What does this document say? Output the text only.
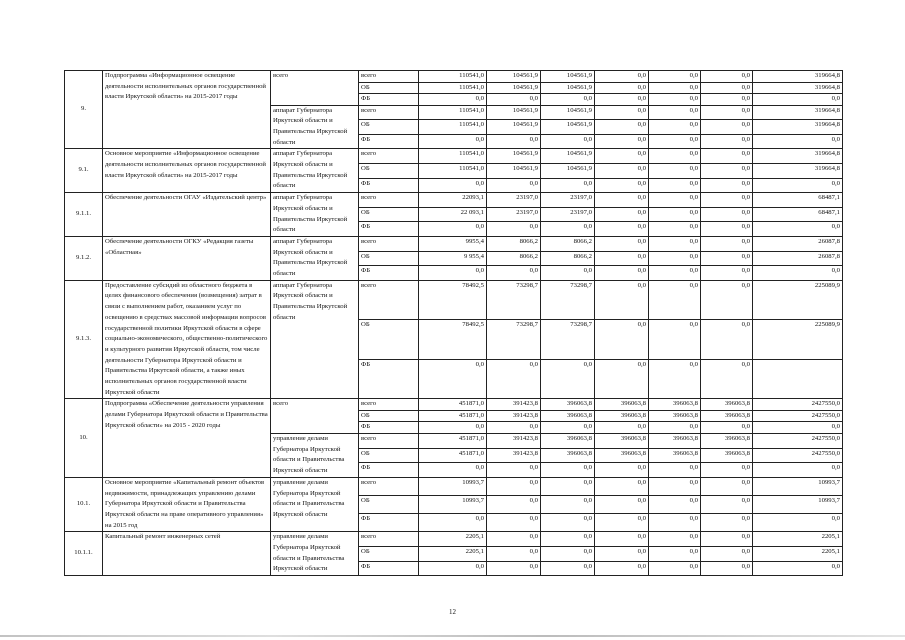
9.	Подпрограмма «Информационное освещение деятельности исполнительных органов государственной власти Иркутской области» на 2015-2017 годы	всего	всего	110541,0	104561,9	104561,9	0,0	0,0	0,0	319664,8
			ОБ	110541,0	104561,9	104561,9	0,0	0,0	0,0	319664,8
			ФБ	0,0	0,0	0,0	0,0	0,0	0,0	0,0
		аппарат Губернатора Иркутской области и Правительства Иркутской области	всего	110541,0	104561,9	104561,9	0,0	0,0	0,0	319664,8
			ОБ	110541,0	104561,9	104561,9	0,0	0,0	0,0	319664,8
			ФБ	0,0	0,0	0,0	0,0	0,0	0,0	0,0
9.1.	Основное мероприятие «Информационное освещение деятельности исполнительных органов государственной власти Иркутской области» на 2015-2017 годы	аппарат Губернатора Иркутской области и Правительства Иркутской области	всего	110541,0	104561,9	104561,9	0,0	0,0	0,0	319664,8
			ОБ	110541,0	104561,9	104561,9	0,0	0,0	0,0	319664,8
			ФБ	0,0	0,0	0,0	0,0	0,0	0,0	0,0
9.1.1.	Обеспечение деятельности ОГАУ «Издательский центр»	аппарат Губернатора Иркутской области и Правительства Иркутской области	всего	22093,1	23197,0	23197,0	0,0	0,0	0,0	68487,1
			ОБ	22 093,1	23197,0	23197,0	0,0	0,0	0,0	68487,1
			ФБ	0,0	0,0	0,0	0,0	0,0	0,0	0,0
9.1.2.	Обеспечение деятельности ОГКУ «Редакция газеты «Областная»	аппарат Губернатора Иркутской области и Правительства Иркутской области	всего	9955,4	8066,2	8066,2	0,0	0,0	0,0	26087,8
			ОБ	9 955,4	8066,2	8066,2	0,0	0,0	0,0	26087,8
			ФБ	0,0	0,0	0,0	0,0	0,0	0,0	0,0
9.1.3.	Предоставление субсидий из областного бюджета в целях финансового обеспечения (возмещения) затрат в связи с выполнением работ, оказанием услуг по освещению в средствах массовой информации вопросов государственной политики Иркутской области в сфере социально-экономического, общественно-политического и культурного развития Иркутской области, том числе деятельности Губернатора Иркутской области и Правительства Иркутской области, а также иных исполнительных органов государственной власти Иркутской области	аппарат Губернатора Иркутской области и Правительства Иркутской области	всего	78492,5	73298,7	73298,7	0,0	0,0	0,0	225089,9
			ОБ	78492,5	73298,7	73298,7	0,0	0,0	0,0	225089,9
			ФБ	0,0	0,0	0,0	0,0	0,0	0,0	
10.	Подпрограмма «Обеспечение деятельности управления делами Губернатора Иркутской области и Правительства Иркутской области» на 2015 - 2020 годы	всего	всего	451871,0	391423,8	396063,8	396063,8	396063,8	396063,8	2427550,0
			ОБ	451871,0	391423,8	396063,8	396063,8	396063,8	396063,8	2427550,0
			ФБ	0,0	0,0	0,0	0,0	0,0	0,0	0,0
		управление делами Губернатора Иркутской области и Правительства Иркутской области	всего	451871,0	391423,8	396063,8	396063,8	396063,8	396063,8	2427550,0
			ОБ	451871,0	391423,8	396063,8	396063,8	396063,8	396063,8	2427550,0
			ФБ	0,0	0,0	0,0	0,0	0,0	0,0	0,0
10.1.	Основное мероприятие «Капитальный ремонт объектов недвижимости, принадлежащих управлению делами Губернатора Иркутской области и Правительства Иркутской области на праве оперативного управления» на 2015 год	управление делами Губернатора Иркутской области и Правительства Иркутской области	всего	10993,7	0,0	0,0	0,0	0,0	0,0	10993,7
			ОБ	10993,7	0,0	0,0	0,0	0,0	0,0	10993,7
			ФБ	0,0	0,0	0,0	0,0	0,0	0,0	0,0
10.1.1.	Капитальный ремонт инженерных сетей	управление делами Губернатора Иркутской области и Правительства Иркутской области	всего	2205,1	0,0	0,0	0,0	0,0	0,0	2205,1
			ОБ	2205,1	0,0	0,0	0,0	0,0	0,0	2205,1
			ФБ	0,0	0,0	0,0	0,0	0,0	0,0	0,0
12
